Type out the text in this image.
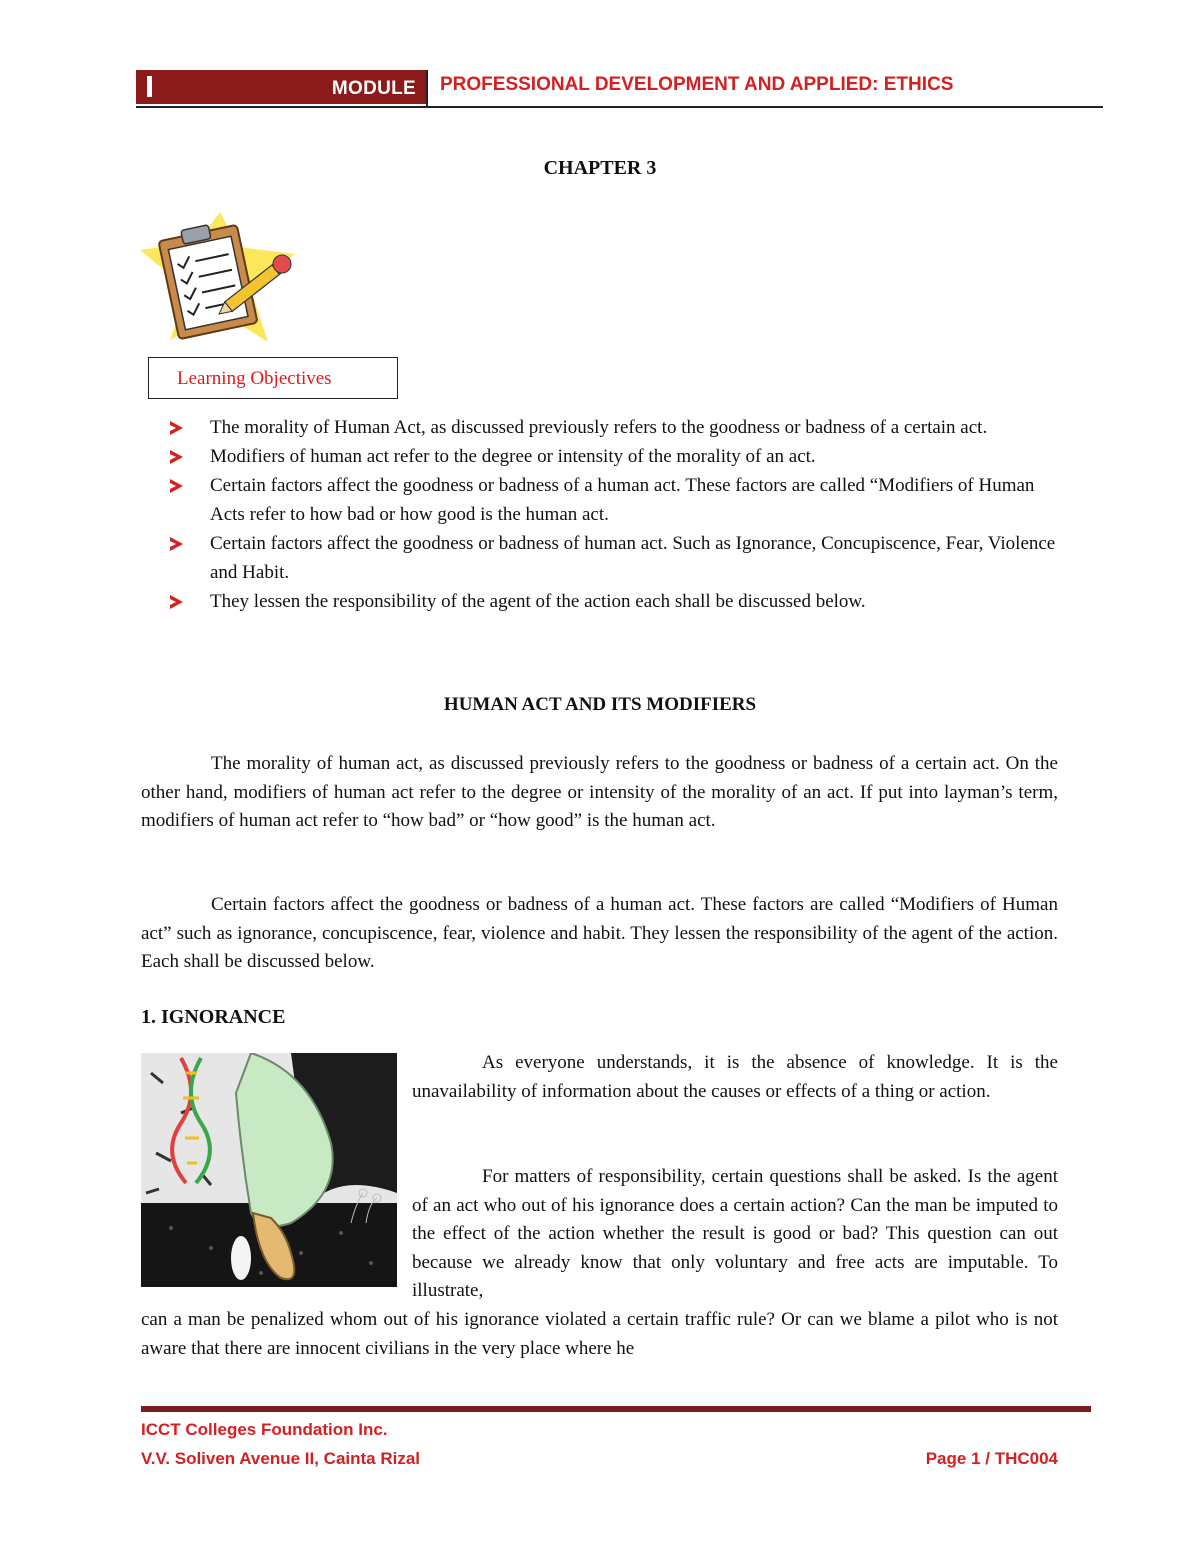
MODULE PROFESSIONAL DEVELOPMENT AND APPLIED: ETHICS
CHAPTER 3
Learning Objectives
The morality of Human Act, as discussed previously refers to the goodness or badness of a certain act.
Modifiers of human act refer to the degree or intensity of the morality of an act.
Certain factors affect the goodness or badness of a human act. These factors are called “Modifiers of Human Acts refer to how bad or how good is the human act.
Certain factors affect the goodness or badness of human act. Such as Ignorance, Concupiscence, Fear, Violence and Habit.
They lessen the responsibility of the agent of the action each shall be discussed below.
HUMAN ACT AND ITS MODIFIERS

The morality of human act, as discussed previously refers to the goodness or badness of a certain act. On the other hand, modifiers of human act refer to the degree or intensity of the morality of an act. If put into layman’s term, modifiers of human act refer to “how bad” or “how good” is the human act.

Certain factors affect the goodness or badness of a human act. These factors are called “Modifiers of Human act” such as ignorance, concupiscence, fear, violence and habit. They lessen the responsibility of the agent of the action. Each shall be discussed below.

1. IGNORANCE

As everyone understands, it is the absence of knowledge. It is the unavailability of information about the causes or effects of a thing or action.

For matters of responsibility, certain questions shall be asked. Is the agent of an act who out of his ignorance does a certain action? Can the man be imputed to the effect of the action whether the result is good or bad? This question can out because we already know that only voluntary and free acts are imputable. To illustrate,

can a man be penalized whom out of his ignorance violated a certain traffic rule? Or can we blame a pilot who is not aware that there are innocent civilians in the very place where he

ICCT Colleges Foundation Inc.
V.V. Soliven Avenue II, Cainta Rizal	Page 1 / THC004
